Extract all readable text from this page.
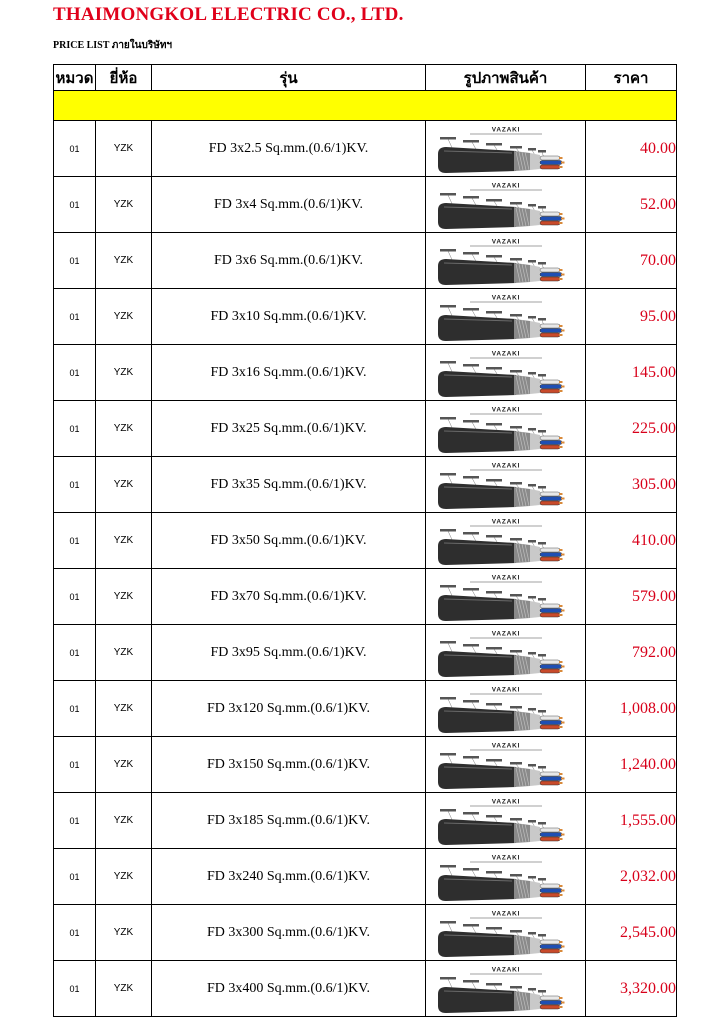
THAIMONGKOL ELECTRIC CO., LTD.
PRICE LIST ภายในบริษัทฯ
หมวด	ยี่ห้อ	รุ่น	รูปภาพสินค้า	ราคา

01	YZK	FD 3x2.5 Sq.mm.(0.6/1)KV.	VAZAKI	40.00
01	YZK	FD 3x4 Sq.mm.(0.6/1)KV.	VAZAKI	52.00
01	YZK	FD 3x6 Sq.mm.(0.6/1)KV.	VAZAKI	70.00
01	YZK	FD 3x10 Sq.mm.(0.6/1)KV.	VAZAKI	95.00
01	YZK	FD 3x16 Sq.mm.(0.6/1)KV.	VAZAKI	145.00
01	YZK	FD 3x25 Sq.mm.(0.6/1)KV.	VAZAKI	225.00
01	YZK	FD 3x35 Sq.mm.(0.6/1)KV.	VAZAKI	305.00
01	YZK	FD 3x50 Sq.mm.(0.6/1)KV.	VAZAKI	410.00
01	YZK	FD 3x70 Sq.mm.(0.6/1)KV.	VAZAKI	579.00
01	YZK	FD 3x95 Sq.mm.(0.6/1)KV.	VAZAKI	792.00
01	YZK	FD 3x120 Sq.mm.(0.6/1)KV.	VAZAKI	1,008.00
01	YZK	FD 3x150 Sq.mm.(0.6/1)KV.	VAZAKI	1,240.00
01	YZK	FD 3x185 Sq.mm.(0.6/1)KV.	VAZAKI	1,555.00
01	YZK	FD 3x240 Sq.mm.(0.6/1)KV.	VAZAKI	2,032.00
01	YZK	FD 3x300 Sq.mm.(0.6/1)KV.	VAZAKI	2,545.00
01	YZK	FD 3x400 Sq.mm.(0.6/1)KV.	VAZAKI	3,320.00
